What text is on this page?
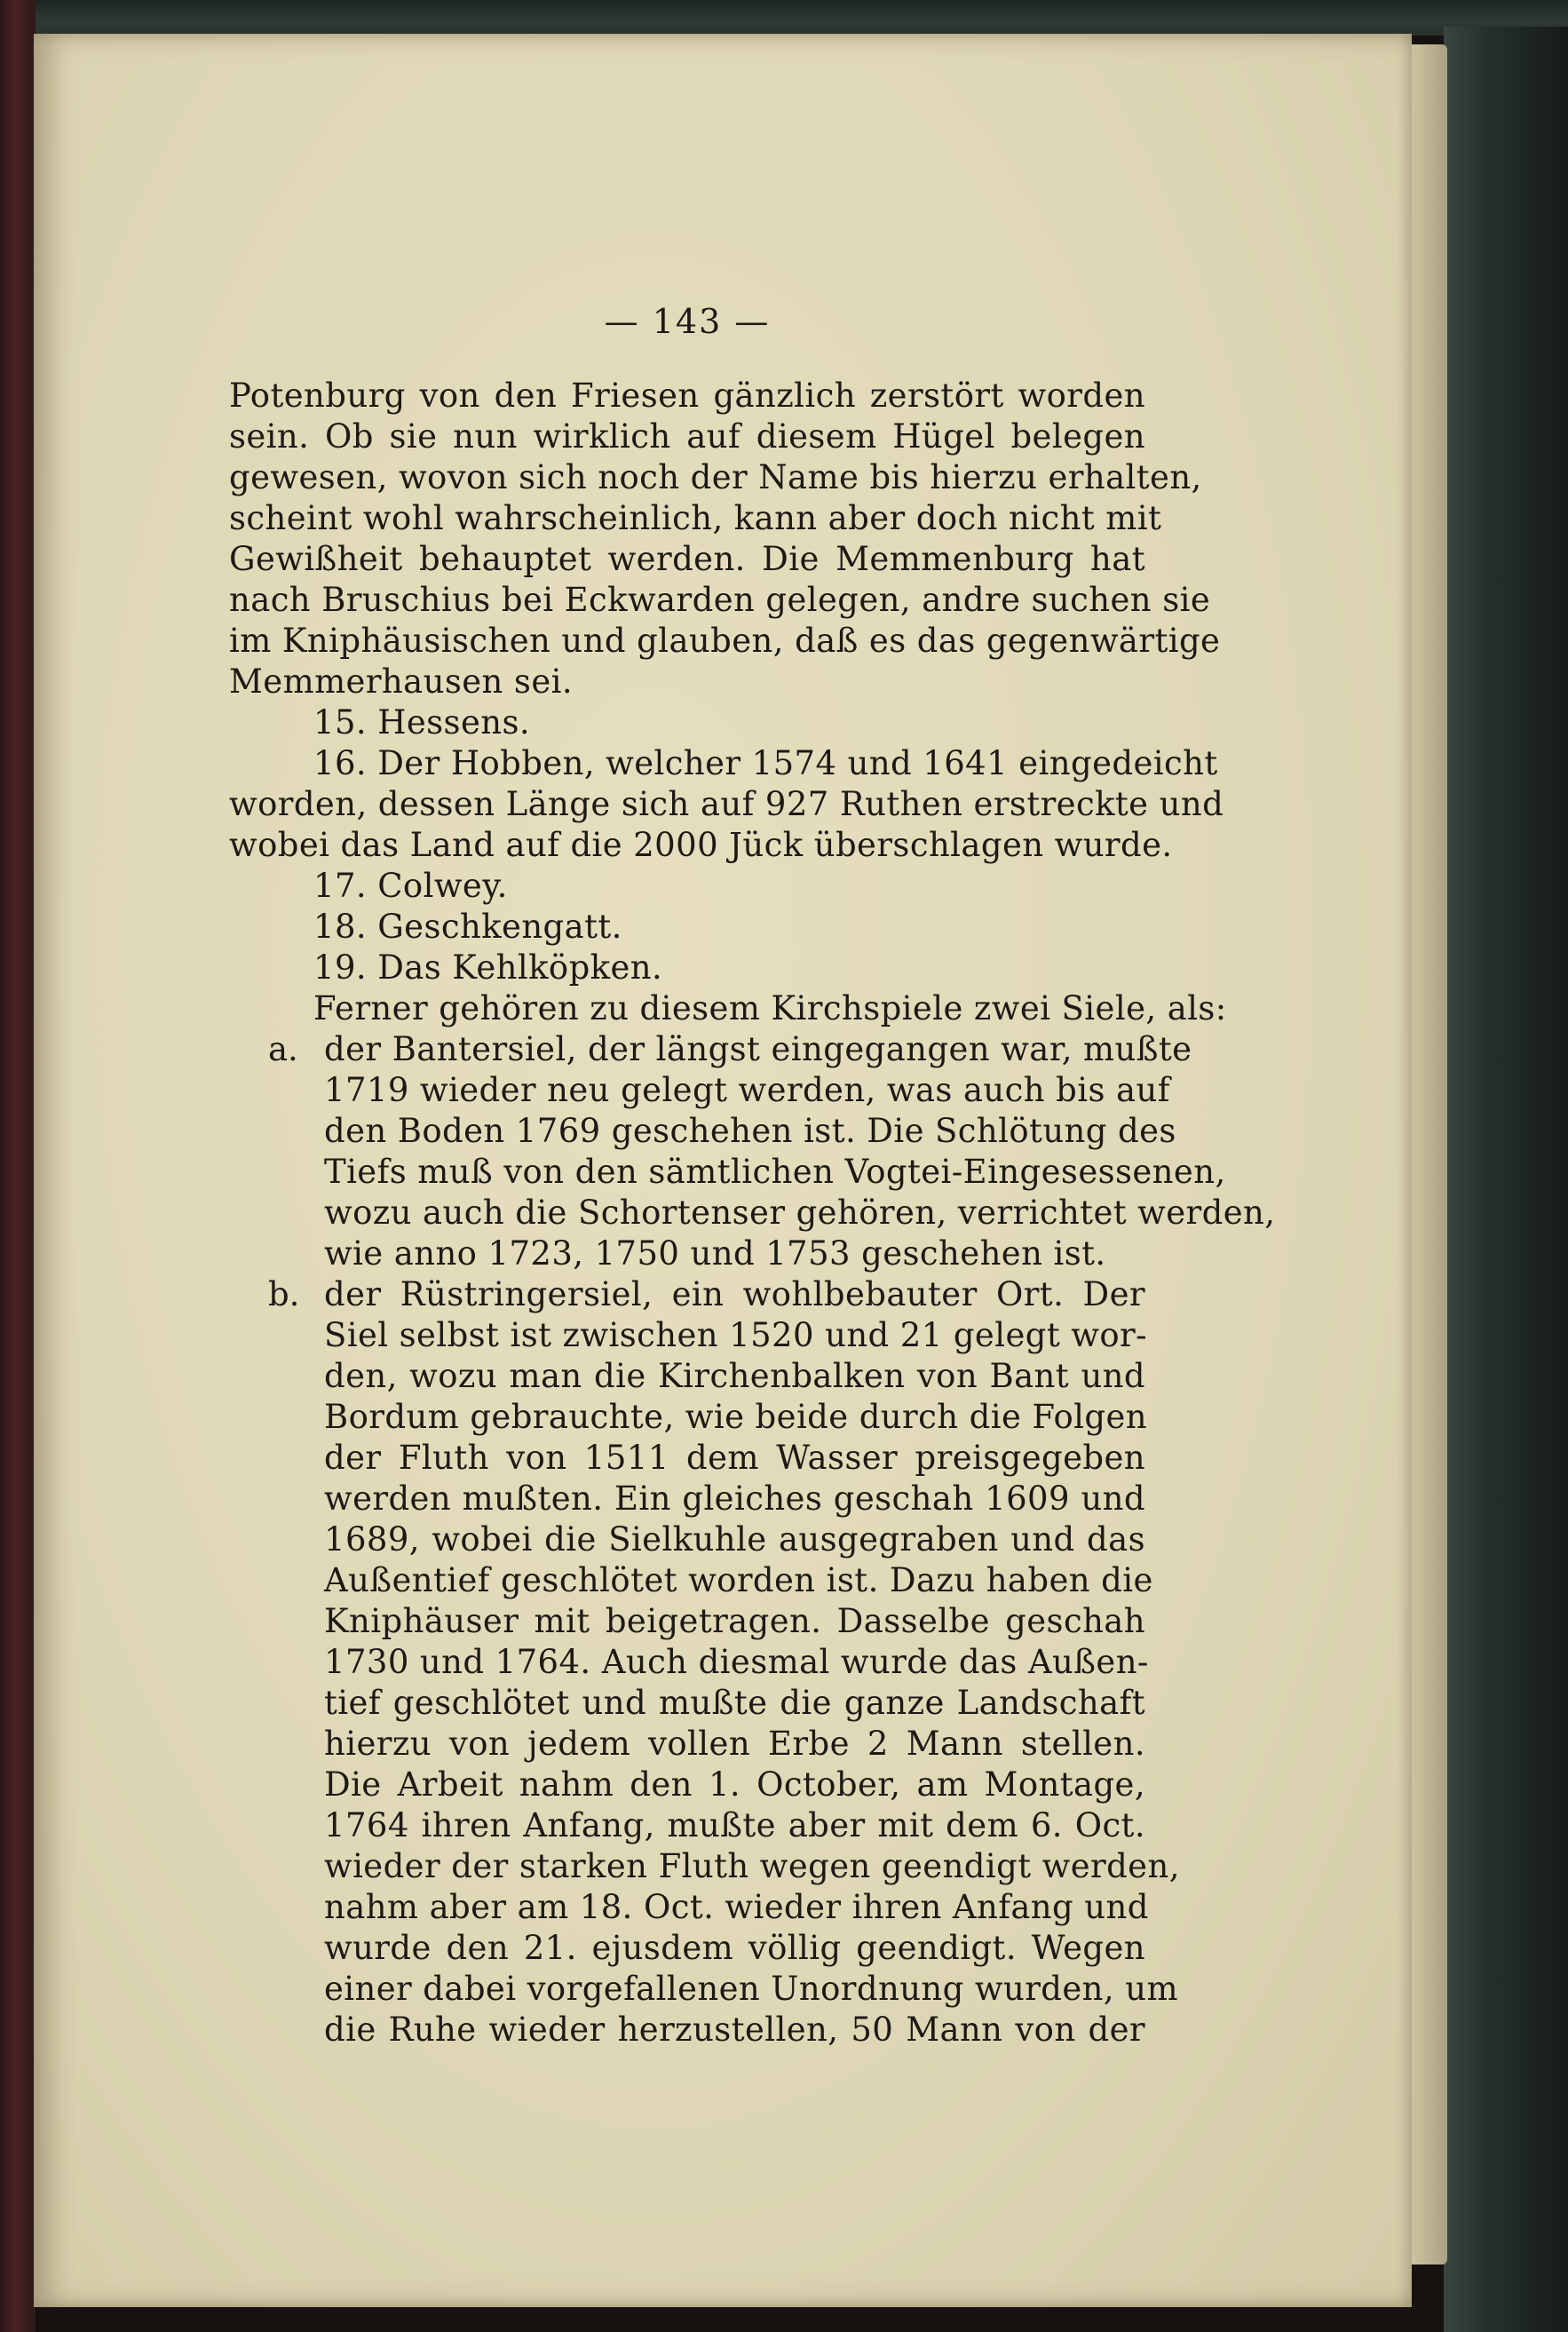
— 143 —
Potenburg von den Friesen gänzlich zerstört worden
sein. Ob sie nun wirklich auf diesem Hügel belegen
gewesen, wovon sich noch der Name bis hierzu erhalten,
scheint wohl wahrscheinlich, kann aber doch nicht mit
Gewißheit behauptet werden. Die Memmenburg hat
nach Bruschius bei Eckwarden gelegen, andre suchen sie
im Kniphäusischen und glauben, daß es das gegenwärtige
Memmerhausen sei.
15. Hessens.
16. Der Hobben, welcher 1574 und 1641 eingedeicht
worden, dessen Länge sich auf 927 Ruthen erstreckte und
wobei das Land auf die 2000 Jück überschlagen wurde.
17. Colwey.
18. Geschkengatt.
19. Das Kehlköpken.
Ferner gehören zu diesem Kirchspiele zwei Siele, als:
a. der Bantersiel, der längst eingegangen war, mußte
1719 wieder neu gelegt werden, was auch bis auf
den Boden 1769 geschehen ist. Die Schlötung des
Tiefs muß von den sämtlichen Vogtei-Eingesessenen,
wozu auch die Schortenser gehören, verrichtet werden,
wie anno 1723, 1750 und 1753 geschehen ist.
b. der Rüstringersiel, ein wohlbebauter Ort. Der
Siel selbst ist zwischen 1520 und 21 gelegt wor-
den, wozu man die Kirchenbalken von Bant und
Bordum gebrauchte, wie beide durch die Folgen
der Fluth von 1511 dem Wasser preisgegeben
werden mußten. Ein gleiches geschah 1609 und
1689, wobei die Sielkuhle ausgegraben und das
Außentief geschlötet worden ist. Dazu haben die
Kniphäuser mit beigetragen. Dasselbe geschah
1730 und 1764. Auch diesmal wurde das Außen-
tief geschlötet und mußte die ganze Landschaft
hierzu von jedem vollen Erbe 2 Mann stellen.
Die Arbeit nahm den 1. October, am Montage,
1764 ihren Anfang, mußte aber mit dem 6. Oct.
wieder der starken Fluth wegen geendigt werden,
nahm aber am 18. Oct. wieder ihren Anfang und
wurde den 21. ejusdem völlig geendigt. Wegen
einer dabei vorgefallenen Unordnung wurden, um
die Ruhe wieder herzustellen, 50 Mann von der
